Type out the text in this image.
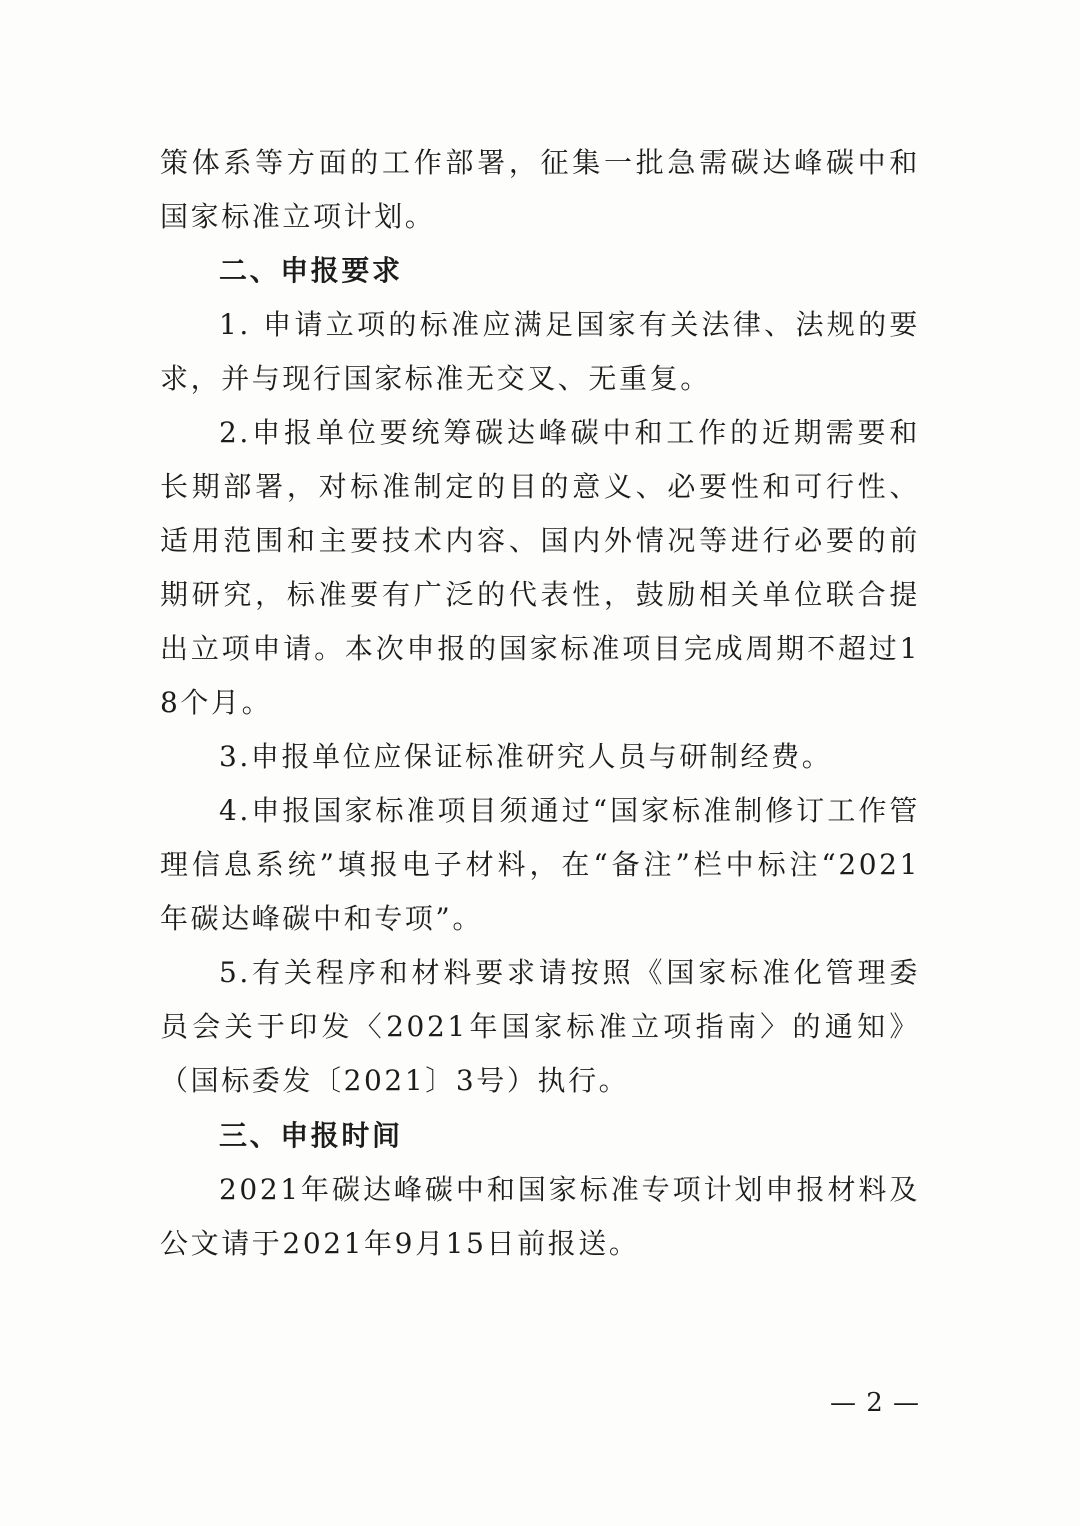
策体系等方面的工作部署，征集一批急需碳达峰碳中和国家标准立项计划。

二、申报要求

1. 申请立项的标准应满足国家有关法律、法规的要求，并与现行国家标准无交叉、无重复。

2.申报单位要统筹碳达峰碳中和工作的近期需要和长期部署，对标准制定的目的意义、必要性和可行性、适用范围和主要技术内容、国内外情况等进行必要的前期研究，标准要有广泛的代表性，鼓励相关单位联合提出立项申请。本次申报的国家标准项目完成周期不超过18个月。

3.申报单位应保证标准研究人员与研制经费。

4.申报国家标准项目须通过“国家标准制修订工作管理信息系统”填报电子材料，在“备注”栏中标注“2021年碳达峰碳中和专项”。

5.有关程序和材料要求请按照《国家标准化管理委员会关于印发〈2021年国家标准立项指南〉的通知》（国标委发〔2021〕3号）执行。

三、申报时间

2021年碳达峰碳中和国家标准专项计划申报材料及公文请于2021年9月15日前报送。

— 2 —
